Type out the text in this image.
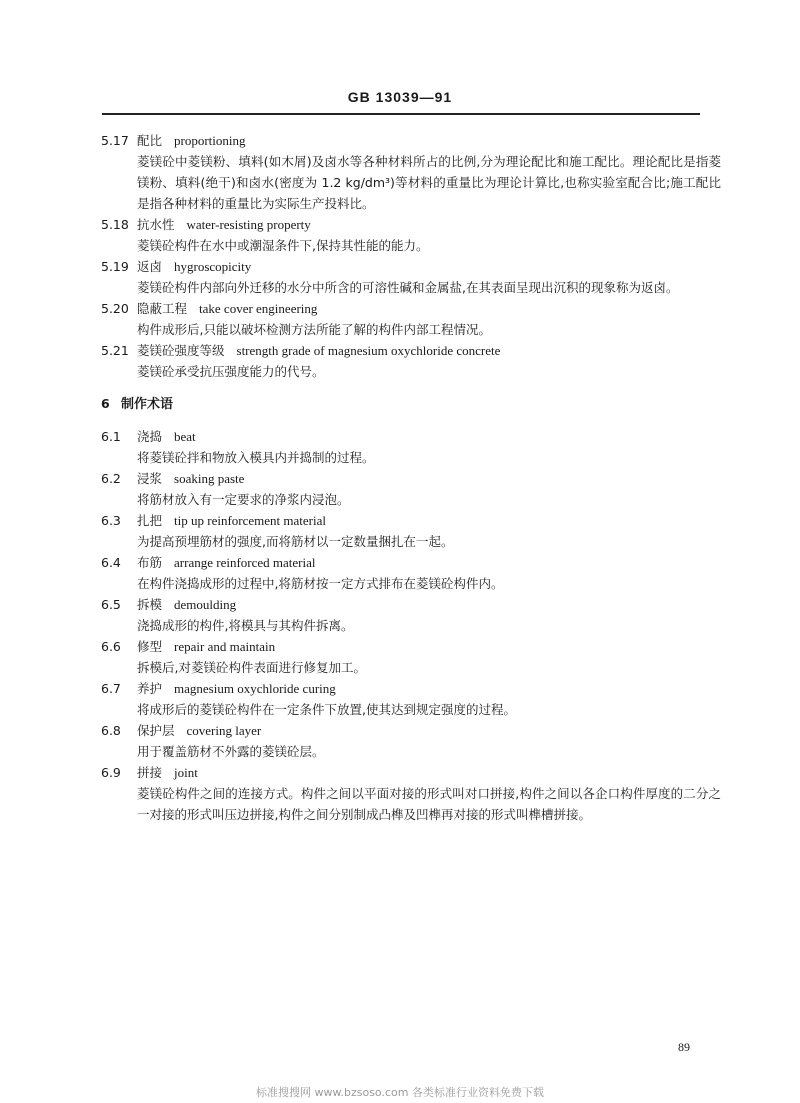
GB 13039—91
5.17 配比 proportioning
菱镁砼中菱镁粉、填料(如木屑)及卤水等各种材料所占的比例,分为理论配比和施工配比。理论配比是指菱镁粉、填料(绝干)和卤水(密度为 1.2 kg/dm³)等材料的重量比为理论计算比,也称实验室配合比;施工配比是指各种材料的重量比为实际生产投料比。
5.18 抗水性 water-resisting property
菱镁砼构件在水中或潮湿条件下,保持其性能的能力。
5.19 返卤 hygroscopicity
菱镁砼构件内部向外迁移的水分中所含的可溶性碱和金属盐,在其表面呈现出沉积的现象称为返卤。
5.20 隐蔽工程 take cover engineering
构件成形后,只能以破坏检测方法所能了解的构件内部工程情况。
5.21 菱镁砼强度等级 strength grade of magnesium oxychloride concrete
菱镁砼承受抗压强度能力的代号。
6 制作术语
6.1 浇捣 beat
将菱镁砼拌和物放入模具内并捣制的过程。
6.2 浸浆 soaking paste
将筋材放入有一定要求的净浆内浸泡。
6.3 扎把 tip up reinforcement material
为提高预埋筋材的强度,而将筋材以一定数量捆扎在一起。
6.4 布筋 arrange reinforced material
在构件浇捣成形的过程中,将筋材按一定方式排布在菱镁砼构件内。
6.5 拆模 demoulding
浇捣成形的构件,将模具与其构件拆离。
6.6 修型 repair and maintain
拆模后,对菱镁砼构件表面进行修复加工。
6.7 养护 magnesium oxychloride curing
将成形后的菱镁砼构件在一定条件下放置,使其达到规定强度的过程。
6.8 保护层 covering layer
用于覆盖筋材不外露的菱镁砼层。
6.9 拼接 joint
菱镁砼构件之间的连接方式。构件之间以平面对接的形式叫对口拼接,构件之间以各企口构件厚度的二分之一对接的形式叫压边拼接,构件之间分别制成凸榫及凹榫再对接的形式叫榫槽拼接。
89
标准搜搜网 www.bzsoso.com 各类标准行业资料免费下载
